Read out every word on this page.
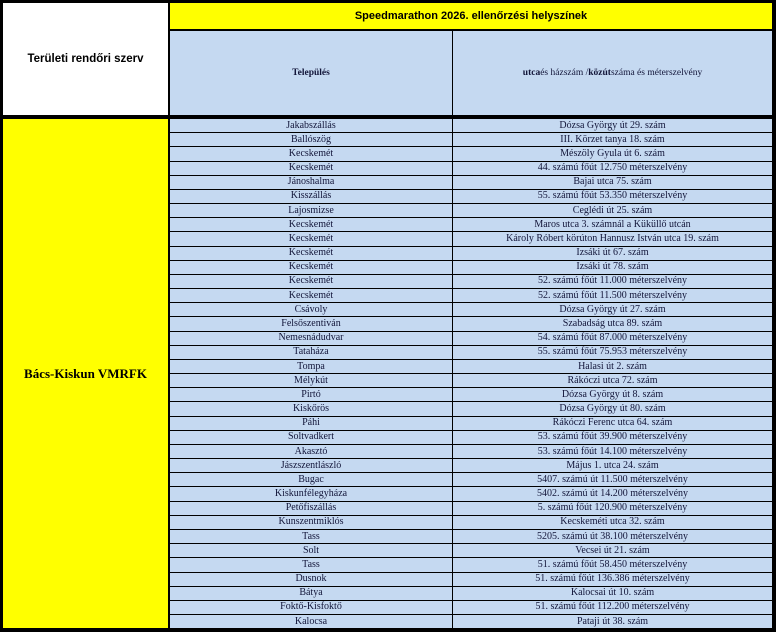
Területi rendőri szerv
Speedmarathon 2026. ellenőrzési helyszínek
Település	utca és házszám / közút száma és méterszelvény
Bács-Kiskun VMRFK
Jakabszállás	Dózsa György út 29. szám
Ballószög	III. Körzet tanya 18. szám
Kecskemét	Mészöly Gyula út 6. szám
Kecskemét	44. számú főút 12.750 méterszelvény
Jánoshalma	Bajai utca 75. szám
Kisszállás	55. számú főút 53.350 méterszelvény
Lajosmizse	Ceglédi út 25. szám
Kecskemét	Maros utca 3. számnál a Küküllő utcán
Kecskemét	Károly Róbert körúton Hannusz István utca 19. szám
Kecskemét	Izsáki út 67. szám
Kecskemét	Izsáki út 78. szám
Kecskemét	52. számú főút 11.000 méterszelvény
Kecskemét	52. számú főút 11.500 méterszelvény
Csávoly	Dózsa György út 27. szám
Felsőszentiván	Szabadság utca 89. szám
Nemesnádudvar	54. számú főút 87.000 méterszelvény
Tataháza	55. számú főút 75.953 méterszelvény
Tompa	Halasi út 2. szám
Mélykút	Rákóczi utca 72. szám
Pirtó	Dózsa György út 8. szám
Kiskőrös	Dózsa György út 80. szám
Páhi	Rákóczi Ferenc utca 64. szám
Soltvadkert	53. számú főút 39.900 méterszelvény
Akasztó	53. számú főút 14.100 méterszelvény
Jászszentlászló	Május 1. utca 24. szám
Bugac	5407. számú út 11.500 méterszelvény
Kiskunfélegyháza	5402. számú út 14.200 méterszelvény
Petőfiszállás	5. számú főút 120.900 méterszelvény
Kunszentmiklós	Kecskeméti utca 32. szám
Tass	5205. számú út 38.100 méterszelvény
Solt	Vecsei út 21. szám
Tass	51. számú főút 58.450 méterszelvény
Dusnok	51. számú főút 136.386 méterszelvény
Bátya	Kalocsai út 10. szám
Foktő-Kisfoktő	51. számú főút 112.200 méterszelvény
Kalocsa	Pataji út 38. szám
